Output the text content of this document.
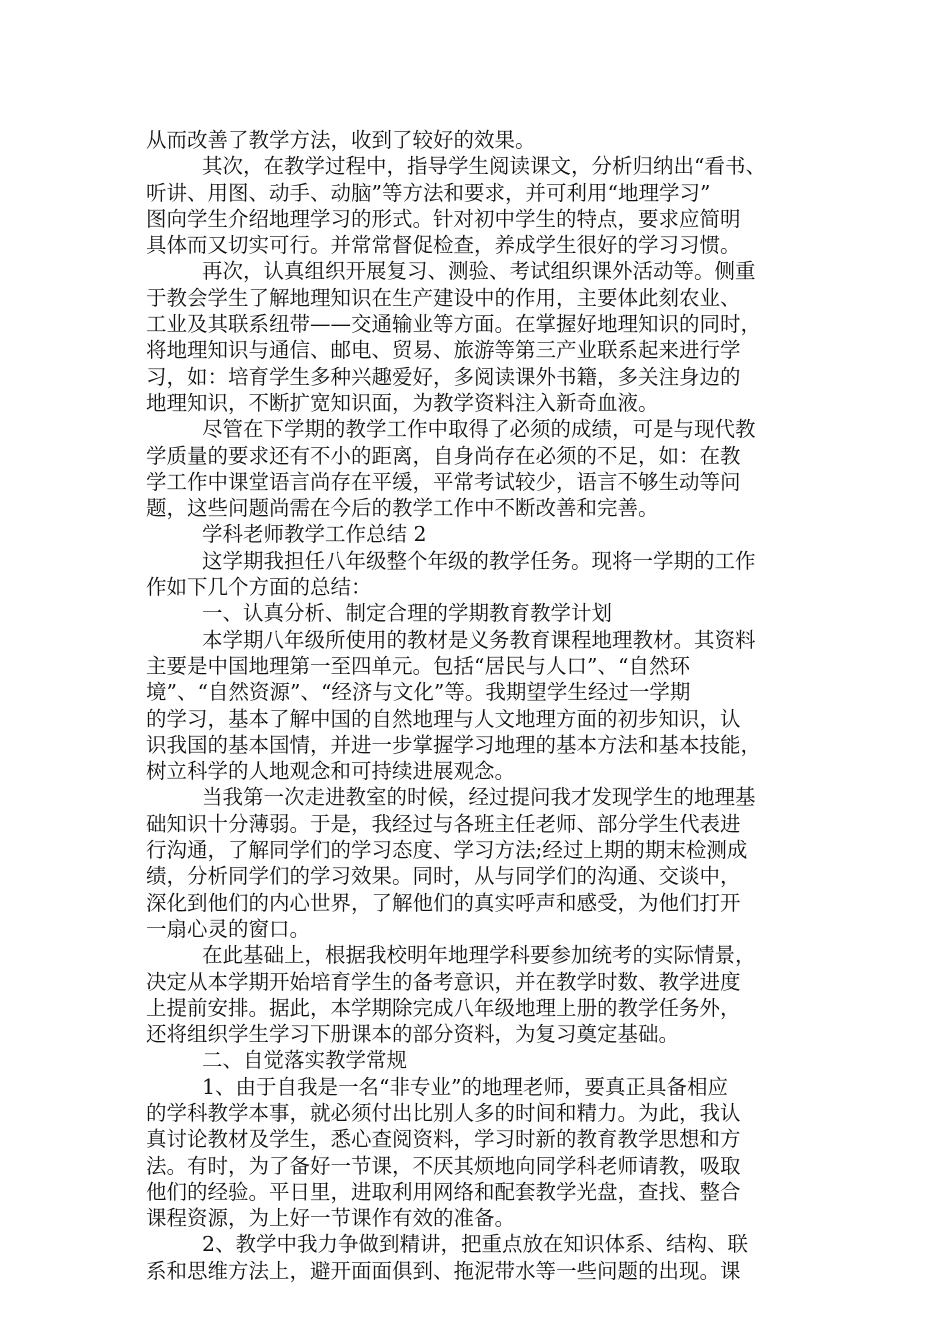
从而改善了教学方法，收到了较好的效果。
其次，在教学过程中，指导学生阅读课文，分析归纳出“看书、
听讲、用图、动手、动脑”等方法和要求，并可利用“地理学习”
图向学生介绍地理学习的形式。针对初中学生的特点，要求应简明
具体而又切实可行。并常常督促检查，养成学生很好的学习习惯。
再次，认真组织开展复习、测验、考试组织课外活动等。侧重
于教会学生了解地理知识在生产建设中的作用，主要体此刻农业、
工业及其联系纽带——交通输业等方面。在掌握好地理知识的同时，
将地理知识与通信、邮电、贸易、旅游等第三产业联系起来进行学
习，如：培育学生多种兴趣爱好，多阅读课外书籍，多关注身边的
地理知识，不断扩宽知识面，为教学资料注入新奇血液。
尽管在下学期的教学工作中取得了必须的成绩，可是与现代教
学质量的要求还有不小的距离，自身尚存在必须的不足，如：在教
学工作中课堂语言尚存在平缓，平常考试较少，语言不够生动等问
题，这些问题尚需在今后的教学工作中不断改善和完善。
学科老师教学工作总结 2
这学期我担任八年级整个年级的教学任务。现将一学期的工作
作如下几个方面的总结：
一、认真分析、制定合理的学期教育教学计划
本学期八年级所使用的教材是义务教育课程地理教材。其资料
主要是中国地理第一至四单元。包括“居民与人口”、“自然环
境”、“自然资源”、“经济与文化”等。我期望学生经过一学期
的学习，基本了解中国的自然地理与人文地理方面的初步知识，认
识我国的基本国情，并进一步掌握学习地理的基本方法和基本技能，
树立科学的人地观念和可持续进展观念。
当我第一次走进教室的时候，经过提问我才发现学生的地理基
础知识十分薄弱。于是，我经过与各班主任老师、部分学生代表进
行沟通，了解同学们的学习态度、学习方法;经过上期的期末检测成
绩，分析同学们的学习效果。同时，从与同学们的沟通、交谈中，
深化到他们的内心世界，了解他们的真实呼声和感受，为他们打开
一扇心灵的窗口。
在此基础上，根据我校明年地理学科要参加统考的实际情景，
决定从本学期开始培育学生的备考意识，并在教学时数、教学进度
上提前安排。据此，本学期除完成八年级地理上册的教学任务外，
还将组织学生学习下册课本的部分资料，为复习奠定基础。
二、自觉落实教学常规
1、由于自我是一名“非专业”的地理老师，要真正具备相应
的学科教学本事，就必须付出比别人多的时间和精力。为此，我认
真讨论教材及学生，悉心查阅资料，学习时新的教育教学思想和方
法。有时，为了备好一节课，不厌其烦地向同学科老师请教，吸取
他们的经验。平日里，进取利用网络和配套教学光盘，查找、整合
课程资源，为上好一节课作有效的准备。
2、教学中我力争做到精讲，把重点放在知识体系、结构、联
系和思维方法上，避开面面俱到、拖泥带水等一些问题的出现。课
